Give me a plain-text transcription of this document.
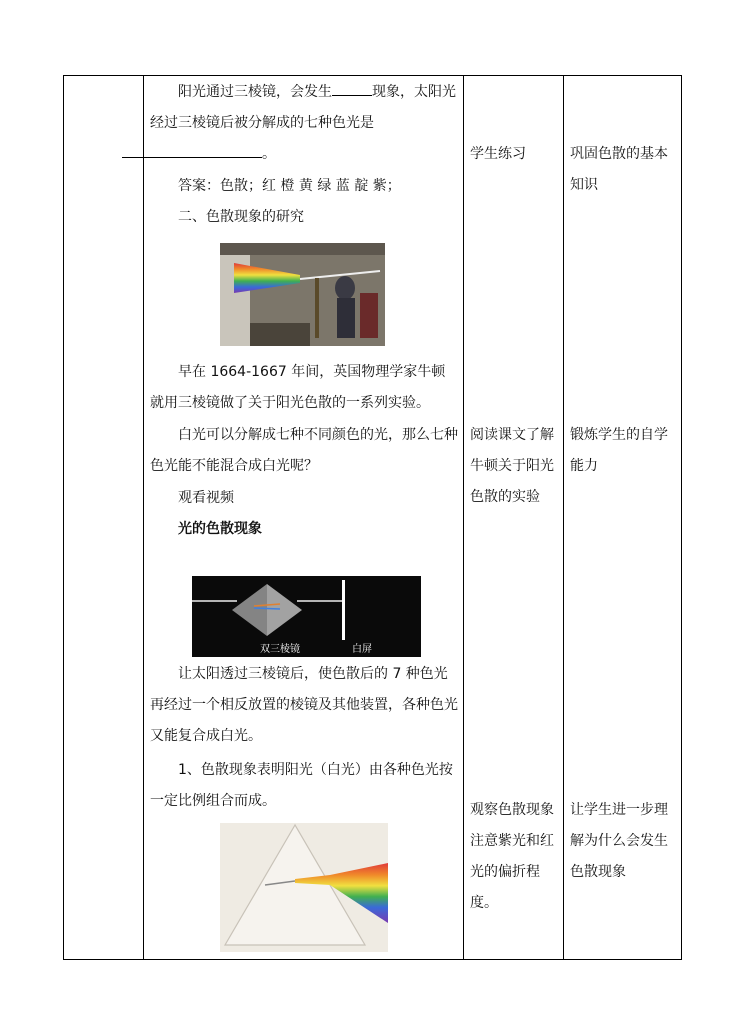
阳光通过三棱镜，会发生	现象，太阳光经过三棱镜后被分解成的七种色光是
。
答案：色散；红 橙 黄 绿 蓝 靛 紫；
二、色散现象的研究
早在 1664-1667 年间，英国物理学家牛顿就用三棱镜做了关于阳光色散的一系列实验。
白光可以分解成七种不同颜色的光，那么七种色光能不能混合成白光呢？
观看视频
光的色散现象
双三棱镜	白屏
让太阳透过三棱镜后，使色散后的 7 种色光再经过一个相反放置的棱镜及其他装置，各种色光又能复合成白光。
1、色散现象表明阳光（白光）由各种色光按一定比例组合而成。
学生练习
阅读课文了解牛顿关于阳光色散的实验
观察色散现象注意紫光和红光的偏折程度。
巩固色散的基本知识
锻炼学生的自学能力
让学生进一步理解为什么会发生色散现象
